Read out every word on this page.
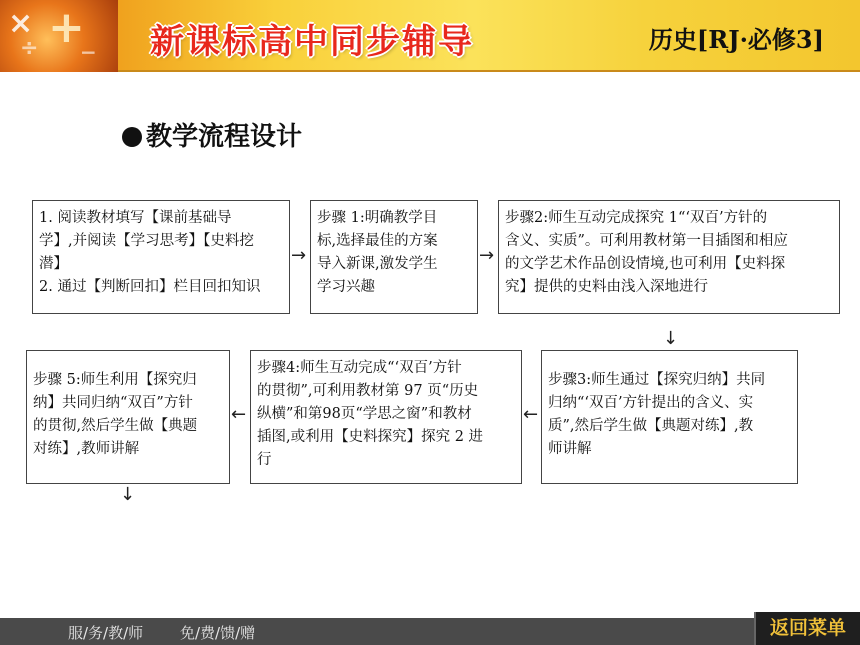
× +
÷ − 新课标高中同步辅导	历史[RJ·必修3]
教学流程设计
1. 阅读教材填写【课前基础导
学】,并阅读【学习思考】【史料挖
潜】
2. 通过【判断回扣】栏目回扣知识
→
步骤 1:明确教学目
标,选择最佳的方案
导入新课,激发学生
学习兴趣
→
步骤2:师生互动完成探究 1“‘双百’方针的
含义、实质”。可利用教材第一目插图和相应
的文学艺术作品创设情境,也可利用【史料探
究】提供的史料由浅入深地进行
↓
步骤3:师生通过【探究归纳】共同
归纳“‘双百’方针提出的含义、实
质”,然后学生做【典题对练】,教
师讲解
←
步骤4:师生互动完成“‘双百’方针
的贯彻”,可利用教材第 97 页“历史
纵横”和第98页“学思之窗”和教材
插图,或利用【史料探究】探究 2 进
行
←
步骤 5:师生利用【探究归
纳】共同归纳“双百”方针
的贯彻,然后学生做【典题
对练】,教师讲解
↓
服/务/教/师 免/费/馈/赠	返回菜单
